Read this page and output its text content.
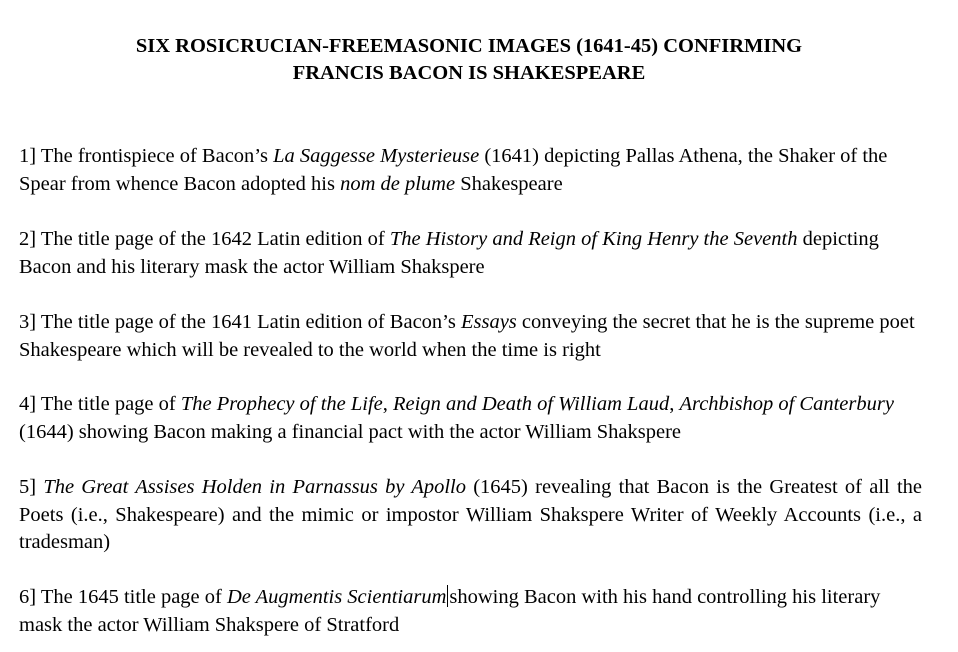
SIX ROSICRUCIAN-FREEMASONIC IMAGES (1641-45) CONFIRMING
FRANCIS BACON IS SHAKESPEARE

1] The frontispiece of Bacon’s La Saggesse Mysterieuse (1641) depicting Pallas Athena, the Shaker of the Spear from whence Bacon adopted his nom de plume Shakespeare

2] The title page of the 1642 Latin edition of The History and Reign of King Henry the Seventh depicting Bacon and his literary mask the actor William Shakspere

3] The title page of the 1641 Latin edition of Bacon’s Essays conveying the secret that he is the supreme poet Shakespeare which will be revealed to the world when the time is right

4] The title page of The Prophecy of the Life, Reign and Death of William Laud, Archbishop of Canterbury (1644) showing Bacon making a financial pact with the actor William Shakspere

5] The Great Assises Holden in Parnassus by Apollo (1645) revealing that Bacon is the Greatest of all the Poets (i.e., Shakespeare) and the mimic or impostor William Shakspere Writer of Weekly Accounts (i.e., a tradesman)

6] The 1645 title page of De Augmentis Scientiarum showing Bacon with his hand controlling his literary mask the actor William Shakspere of Stratford
